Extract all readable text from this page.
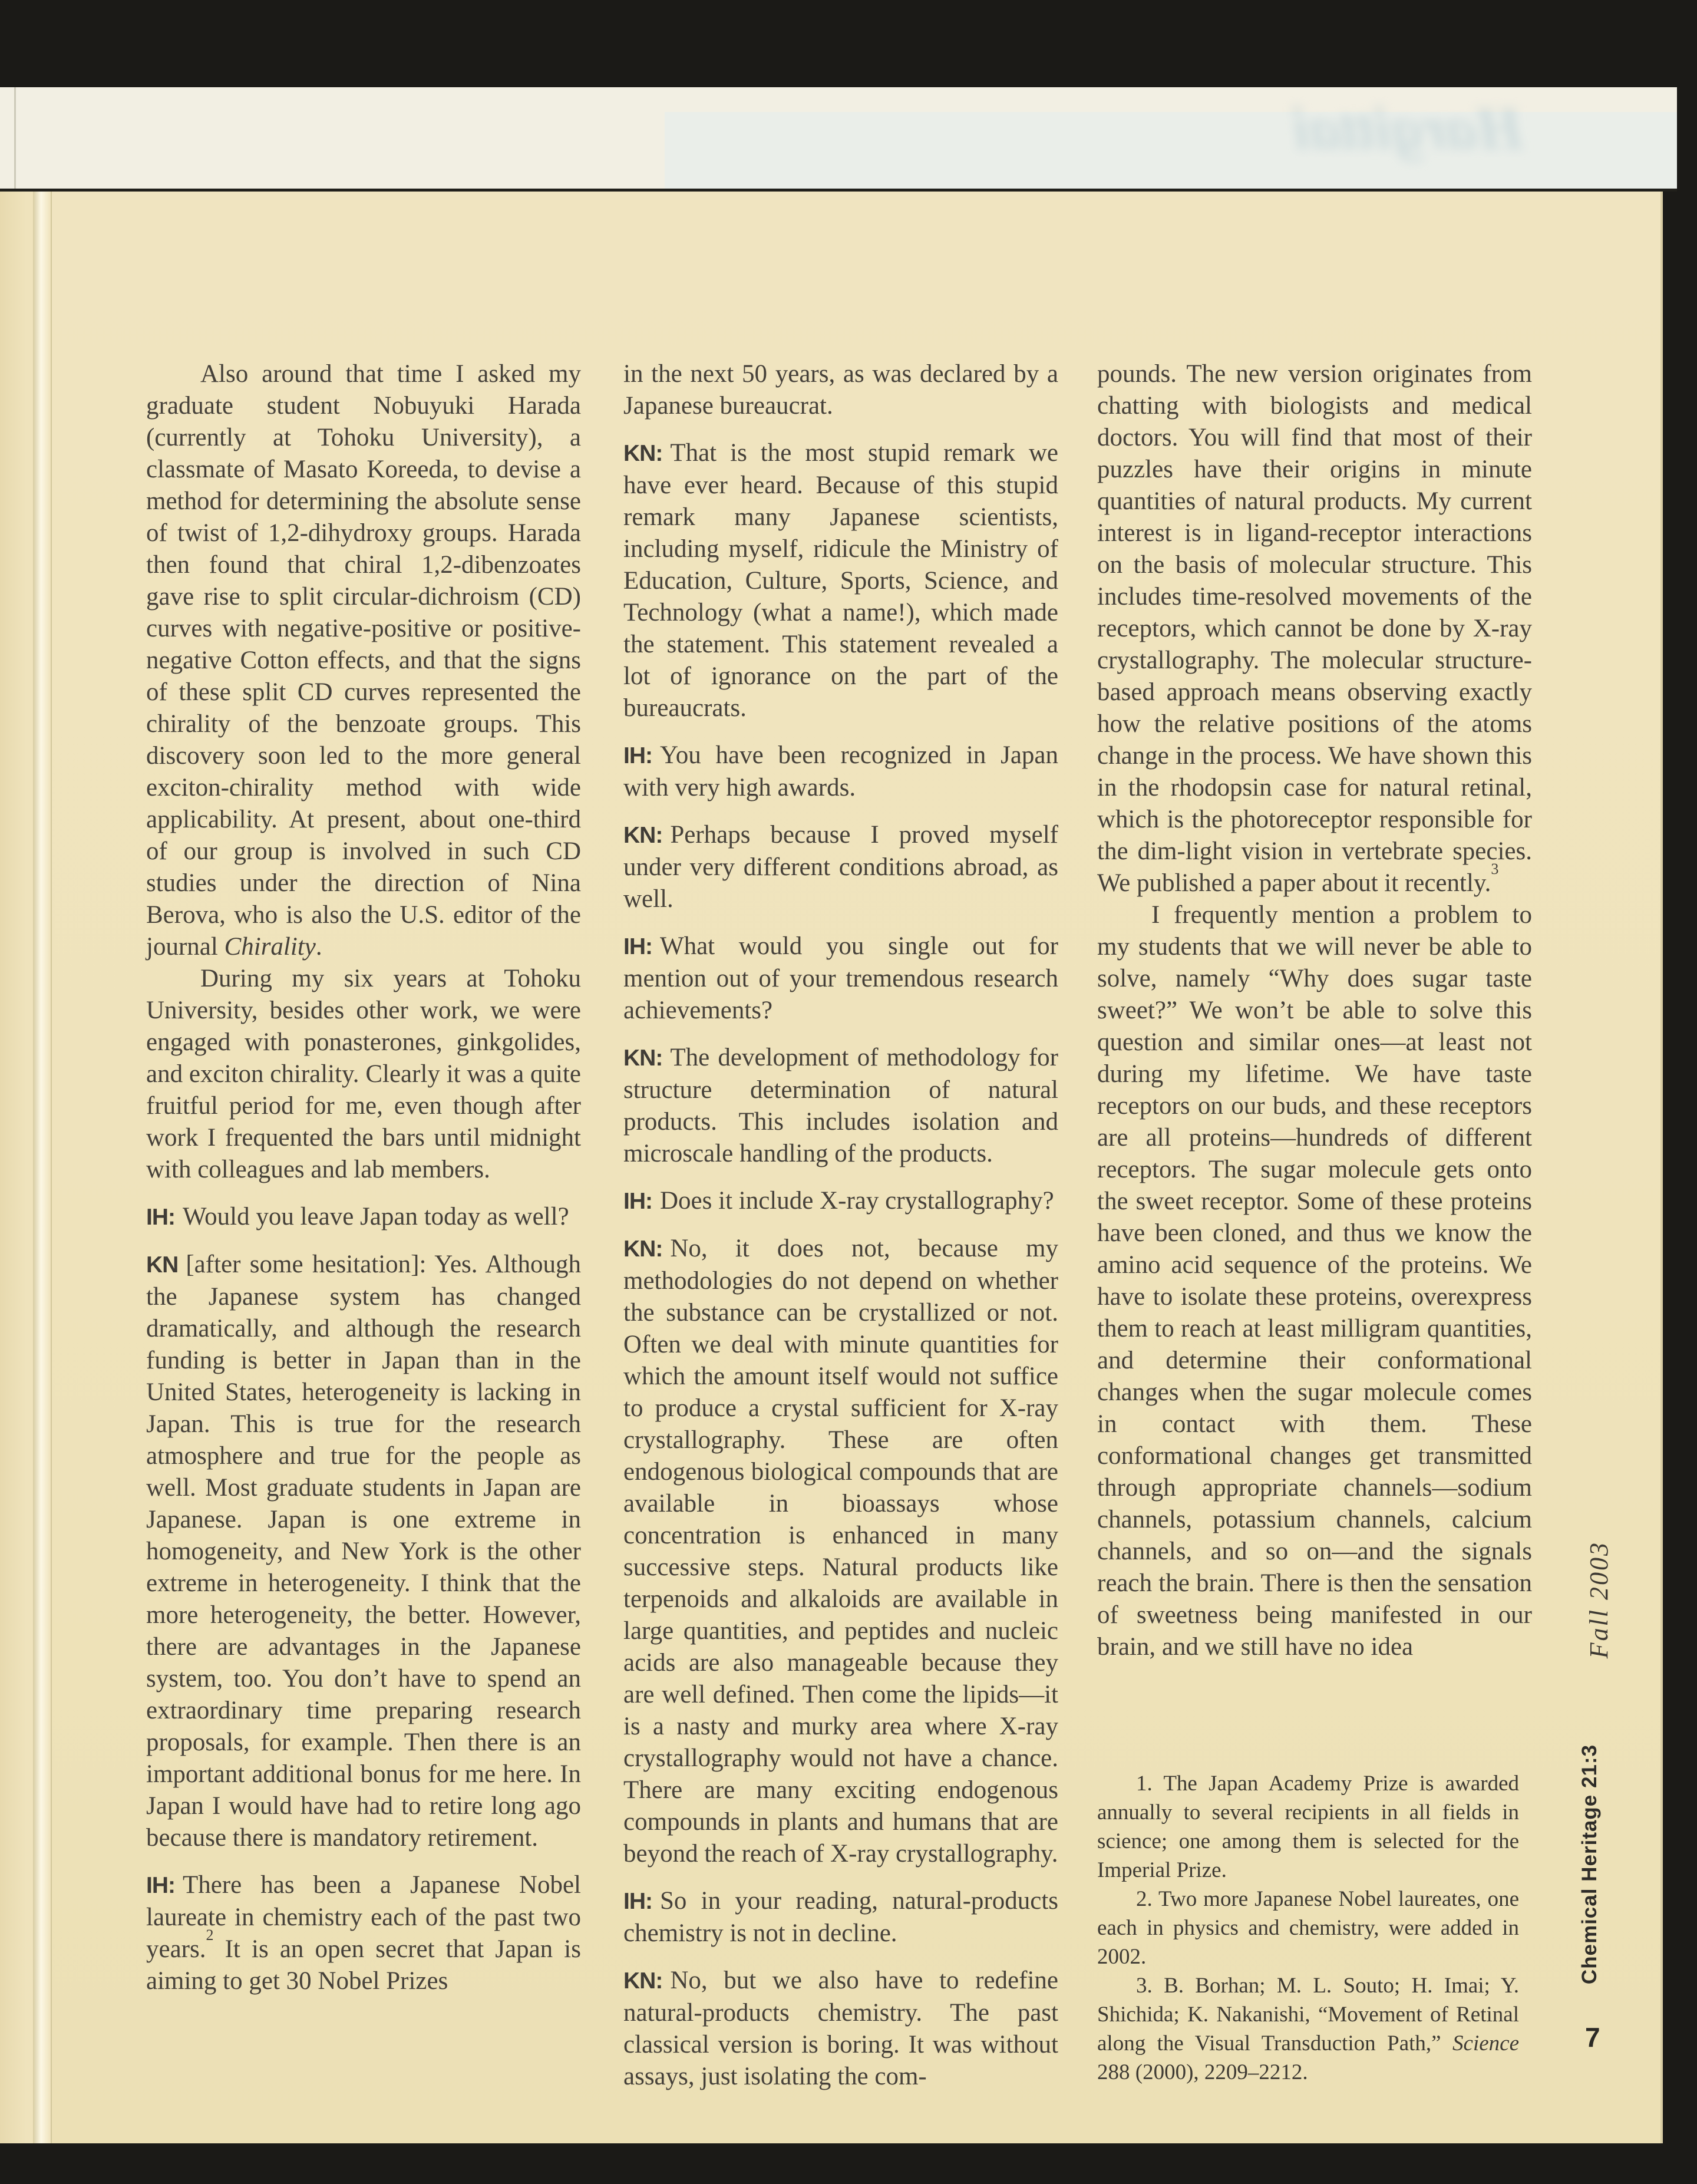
Hargittai

Also around that time I asked my graduate student Nobuyuki Harada (currently at Tohoku University), a classmate of Masato Koreeda, to devise a method for determining the absolute sense of twist of 1,2-dihydroxy groups. Harada then found that chiral 1,2-dibenzoates gave rise to split circular-dichroism (CD) curves with negative-positive or positive-negative Cotton effects, and that the signs of these split CD curves represented the chirality of the benzoate groups. This discovery soon led to the more general exciton-chirality method with wide applicability. At present, about one-third of our group is involved in such CD studies under the direction of Nina Berova, who is also the U.S. editor of the journal Chirality.

During my six years at Tohoku University, besides other work, we were engaged with ponasterones, ginkgolides, and exciton chirality. Clearly it was a quite fruitful period for me, even though after work I frequented the bars until midnight with colleagues and lab members.

IH: Would you leave Japan today as well?

KN [after some hesitation]: Yes. Although the Japanese system has changed dramatically, and although the research funding is better in Japan than in the United States, heterogeneity is lacking in Japan. This is true for the research atmosphere and true for the people as well. Most graduate students in Japan are Japanese. Japan is one extreme in homogeneity, and New York is the other extreme in heterogeneity. I think that the more heterogeneity, the better. However, there are advantages in the Japanese system, too. You don’t have to spend an extraordinary time preparing research proposals, for example. Then there is an important additional bonus for me here. In Japan I would have had to retire long ago because there is mandatory retirement.

IH: There has been a Japanese Nobel laureate in chemistry each of the past two years.$^2$ It is an open secret that Japan is aiming to get 30 Nobel Prizes

in the next 50 years, as was declared by a Japanese bureaucrat.

KN: That is the most stupid remark we have ever heard. Because of this stupid remark many Japanese scientists, including myself, ridicule the Ministry of Education, Culture, Sports, Science, and Technology (what a name!), which made the statement. This statement revealed a lot of ignorance on the part of the bureaucrats.

IH: You have been recognized in Japan with very high awards.

KN: Perhaps because I proved myself under very different conditions abroad, as well.

IH: What would you single out for mention out of your tremendous research achievements?

KN: The development of methodology for structure determination of natural products. This includes isolation and microscale handling of the products.

IH: Does it include X-ray crystallography?

KN: No, it does not, because my methodologies do not depend on whether the substance can be crystallized or not. Often we deal with minute quantities for which the amount itself would not suffice to produce a crystal sufficient for X-ray crystallography. These are often endogenous biological compounds that are available in bioassays whose concentration is enhanced in many successive steps. Natural products like terpenoids and alkaloids are available in large quantities, and peptides and nucleic acids are also manageable because they are well defined. Then come the lipids—it is a nasty and murky area where X-ray crystallography would not have a chance. There are many exciting endogenous compounds in plants and humans that are beyond the reach of X-ray crystallography.

IH: So in your reading, natural-products chemistry is not in decline.

KN: No, but we also have to redefine natural-products chemistry. The past classical version is boring. It was without assays, just isolating the com-

pounds. The new version originates from chatting with biologists and medical doctors. You will find that most of their puzzles have their origins in minute quantities of natural products. My current interest is in ligand-receptor interactions on the basis of molecular structure. This includes time-resolved movements of the receptors, which cannot be done by X-ray crystallography. The molecular structure-based approach means observing exactly how the relative positions of the atoms change in the process. We have shown this in the rhodopsin case for natural retinal, which is the photoreceptor responsible for the dim-light vision in vertebrate species. We published a paper about it recently.$^3$

I frequently mention a problem to my students that we will never be able to solve, namely “Why does sugar taste sweet?” We won’t be able to solve this question and similar ones—at least not during my lifetime. We have taste receptors on our buds, and these receptors are all proteins—hundreds of different receptors. The sugar molecule gets onto the sweet receptor. Some of these proteins have been cloned, and thus we know the amino acid sequence of the proteins. We have to isolate these proteins, overexpress them to reach at least milligram quantities, and determine their conformational changes when the sugar molecule comes in contact with them. These conformational changes get transmitted through appropriate channels—sodium channels, potassium channels, calcium channels, and so on—and the signals reach the brain. There is then the sensation of sweetness being manifested in our brain, and we still have no idea

1. The Japan Academy Prize is awarded annually to several recipients in all fields in science; one among them is selected for the Imperial Prize.

2. Two more Japanese Nobel laureates, one each in physics and chemistry, were added in 2002.

3. B. Borhan; M. L. Souto; H. Imai; Y. Shichida; K. Nakanishi, “Movement of Retinal along the Visual Transduction Path,” Science 288 (2000), 2209–2212.

Fall 2003
Chemical Heritage 21:3
7
